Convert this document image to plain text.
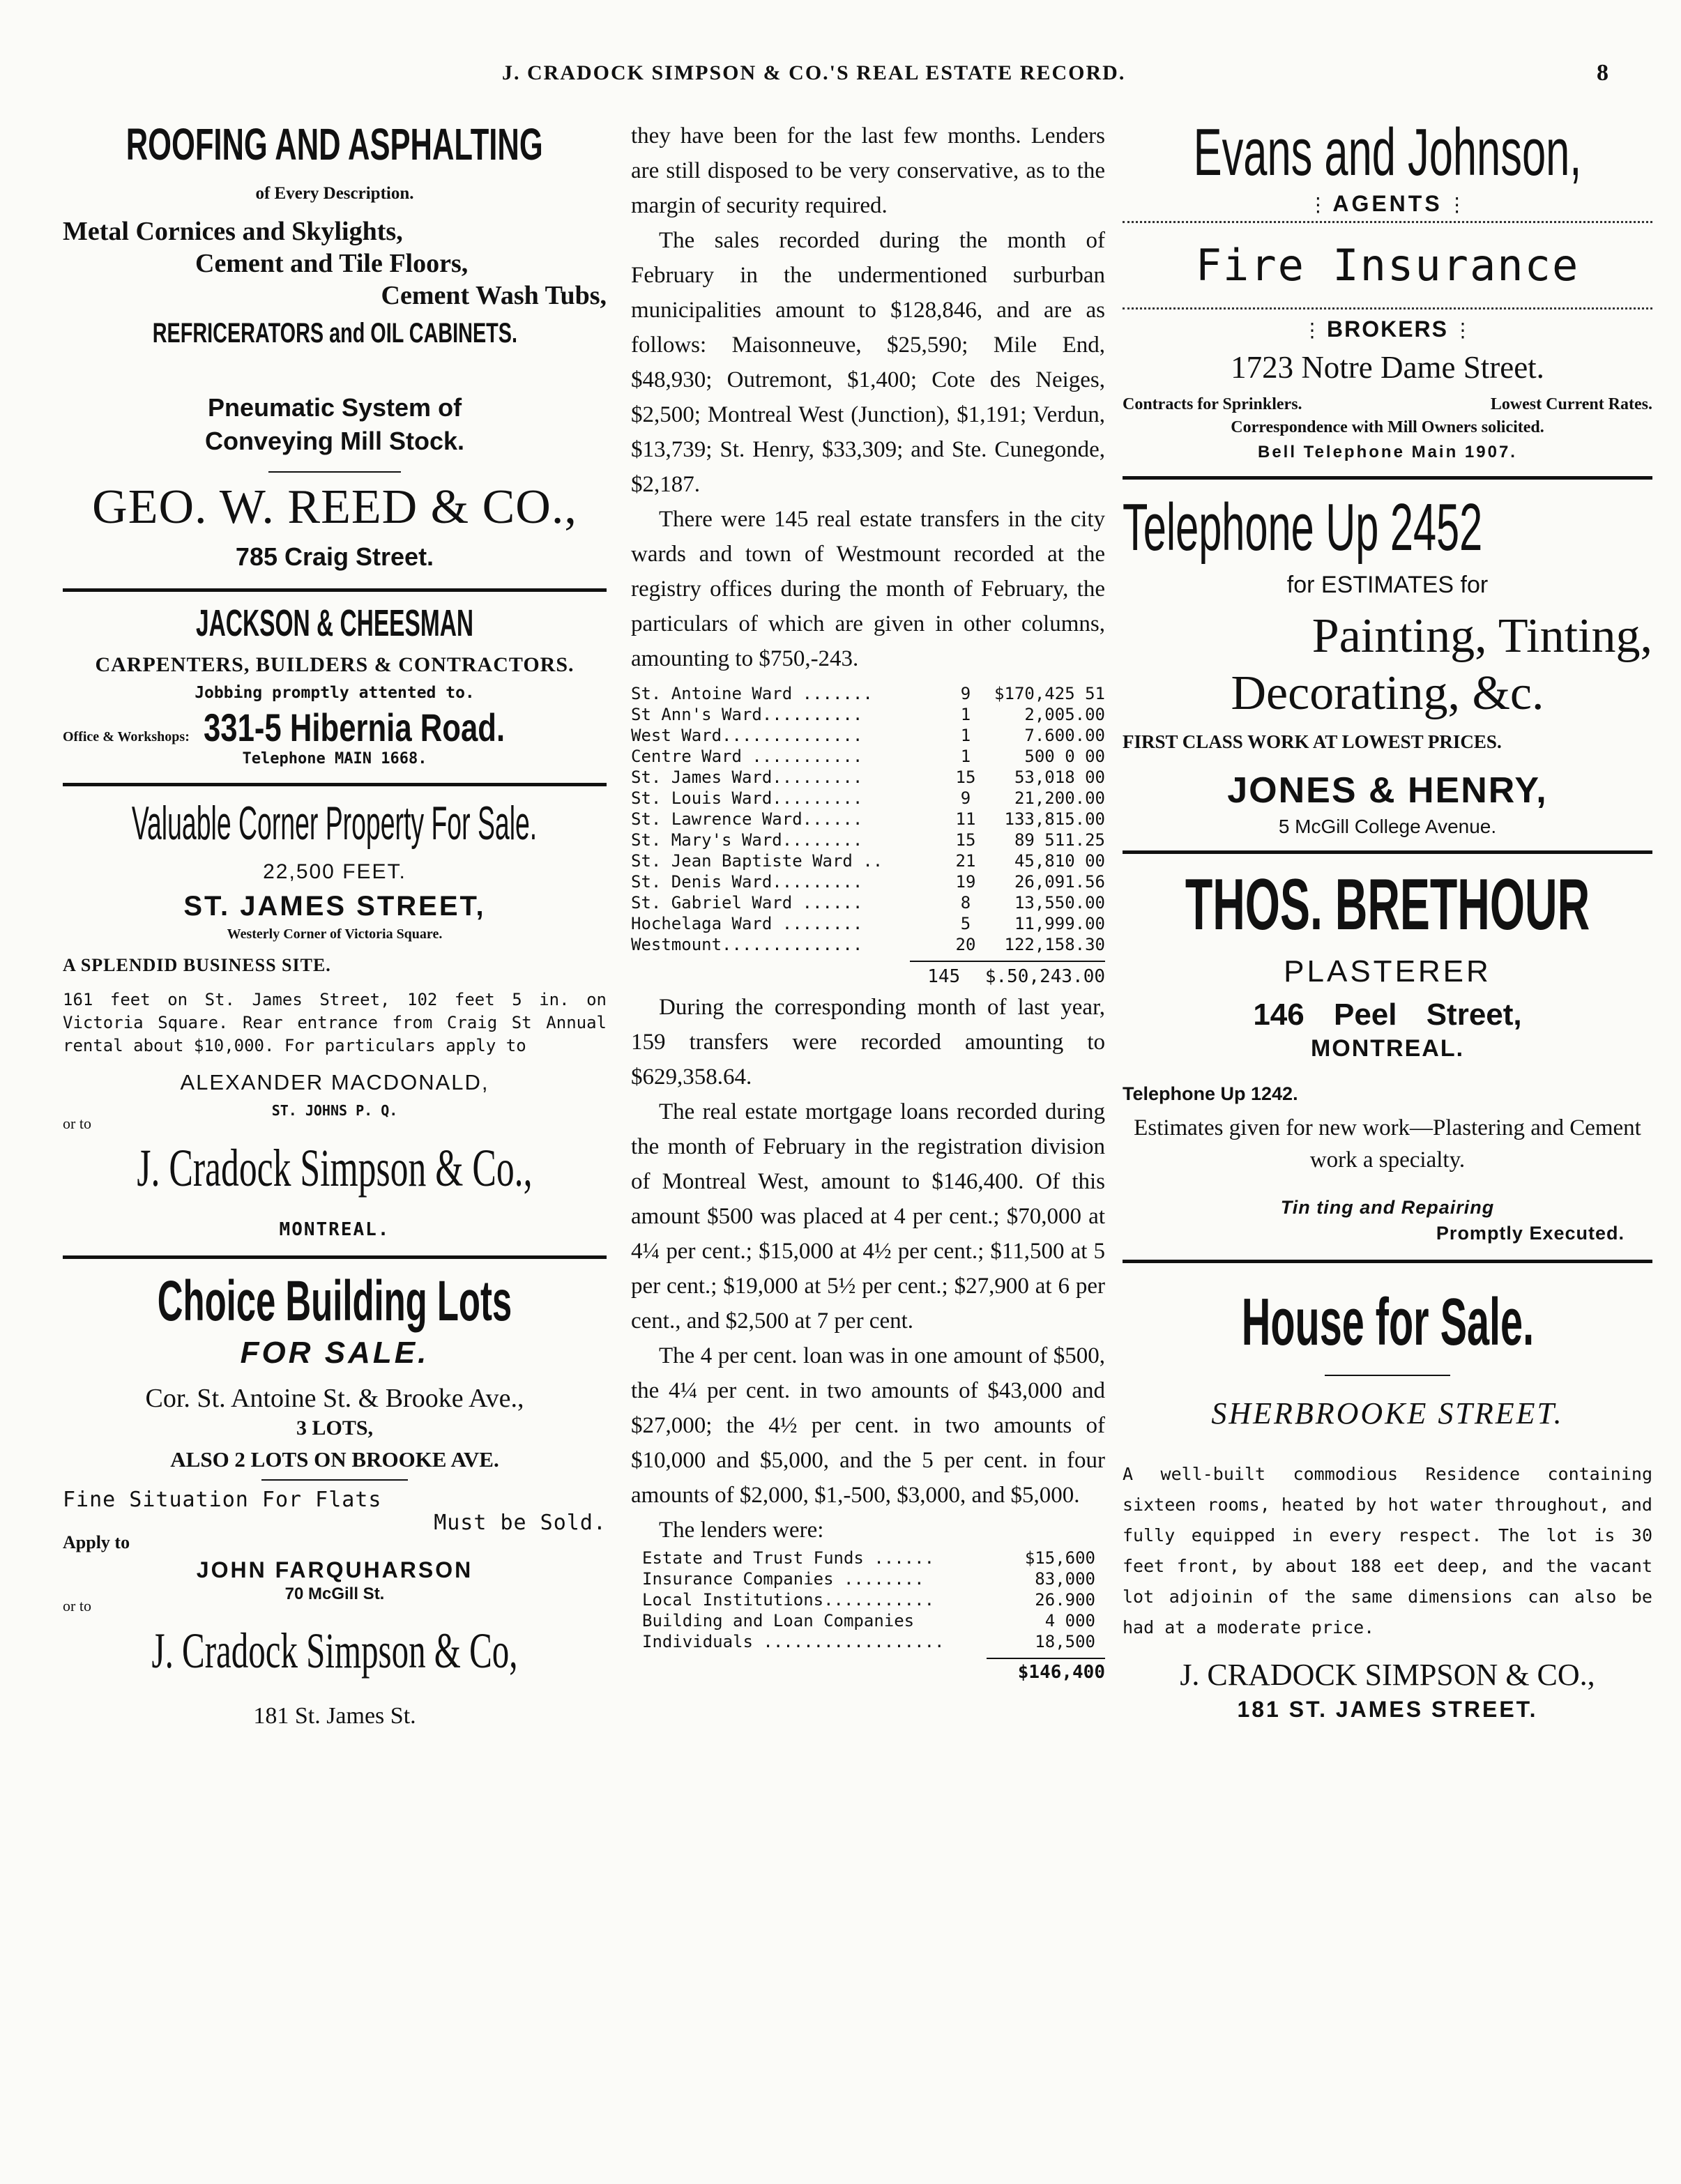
J. CRADOCK SIMPSON & CO.'S REAL ESTATE RECORD.	8
ROOFING AND ASPHALTING

of Every Description.

Metal Cornices and Skylights,

Cement and Tile Floors,

Cement Wash Tubs,

REFRICERATORS and OIL CABINETS.

Pneumatic System of

Conveying Mill Stock.

GEO. W. REED & CO.,

785 Craig Street.

JACKSON & CHEESMAN

CARPENTERS, BUILDERS & CONTRACTORS.

Jobbing promptly attented to.

Office & Workshops: 331-5 Hibernia Road.

Telephone MAIN 1668.

Valuable Corner Property For Sale.

22,500 FEET.

ST. JAMES STREET,

Westerly Corner of Victoria Square.

A SPLENDID BUSINESS SITE.

161 feet on St. James Street, 102 feet 5 in. on Victoria Square. Rear entrance from Craig St Annual rental about $10,000. For particulars apply to

ALEXANDER MACDONALD,

ST. JOHNS P. Q.

or to

J. Cradock Simpson & Co.,

MONTREAL.

Choice Building Lots

FOR SALE.

Cor. St. Antoine St. & Brooke Ave.,

3 LOTS,

ALSO 2 LOTS ON BROOKE AVE.

Fine Situation For Flats

Must be Sold.

Apply to

JOHN FARQUHARSON

70 McGill St.

or to

J. Cradock Simpson & Co,

181 St. James St.

they have been for the last few months. Lenders are still disposed to be very conservative, as to the margin of security required.

The sales recorded during the month of February in the undermentioned surburban municipalities amount to $128,846, and are as follows: Maisonneuve, $25,590; Mile End, $48,930; Outremont, $1,400; Cote des Neiges, $2,500; Montreal West (Junction), $1,191; Verdun, $13,739; St. Henry, $33,309; and Ste. Cunegonde, $2,187.

There were 145 real estate transfers in the city wards and town of Westmount recorded at the registry offices during the month of February, the particulars of which are given in other columns, amounting to $750,-243.

St. Antoine Ward .......	9	$170,425 51
St Ann's Ward..........	1	2,005.00
West Ward..............	1	7.600.00
Centre Ward ...........	1	500 0 00
St. James Ward.........	15	53,018 00
St. Louis Ward.........	9	21,200.00
St. Lawrence Ward......	11	133,815.00
St. Mary's Ward........	15	89 511.25
St. Jean Baptiste Ward ..	21	45,810 00
St. Denis Ward.........	19	26,091.56
St. Gabriel Ward ......	8	13,550.00
Hochelaga Ward ........	5	11,999.00
Westmount..............	20	122,158.30
145 $.50,243.00

During the corresponding month of last year, 159 transfers were recorded amounting to $629,358.64.

The real estate mortgage loans recorded during the month of February in the registration division of Montreal West, amount to $146,400. Of this amount $500 was placed at 4 per cent.; $70,000 at 4¼ per cent.; $15,000 at 4½ per cent.; $11,500 at 5 per cent.; $19,000 at 5½ per cent.; $27,900 at 6 per cent., and $2,500 at 7 per cent.

The 4 per cent. loan was in one amount of $500, the 4¼ per cent. in two amounts of $43,000 and $27,000; the 4½ per cent. in two amounts of $10,000 and $5,000, and the 5 per cent. in four amounts of $2,000, $1,-500, $3,000, and $5,000.

The lenders were:

Estate and Trust Funds ......	$15,600
Insurance Companies ........	83,000
Local Institutions...........	26.900
Building and Loan Companies	4 000
Individuals ..................	18,500
$146,400
Evans and Johnson,

⋮ AGENTS ⋮

Fire Insurance

⋮ BROKERS ⋮

1723 Notre Dame Street.

Contracts for Sprinklers.	Lowest Current Rates.

Correspondence with Mill Owners solicited.

Bell Telephone Main 1907.

Telephone Up 2452

for ESTIMATES for

Painting, Tinting,

Decorating, &c.

FIRST CLASS WORK AT LOWEST PRICES.

JONES & HENRY,

5 McGill College Avenue.

THOS. BRETHOUR

PLASTERER

146 Peel Street,

MONTREAL.

Telephone Up 1242.

Estimates given for new work—Plastering and Cement work a specialty.

Tin ting and Repairing

Promptly Executed.

House for Sale.

SHERBROOKE STREET.

A well-built commodious Residence containing sixteen rooms, heated by hot water throughout, and fully equipped in every respect. The lot is 30 feet front, by about 188 eet deep, and the vacant lot adjoinin of the same dimensions can also be had at a moderate price.

J. CRADOCK SIMPSON & CO.,

181 ST. JAMES STREET.
